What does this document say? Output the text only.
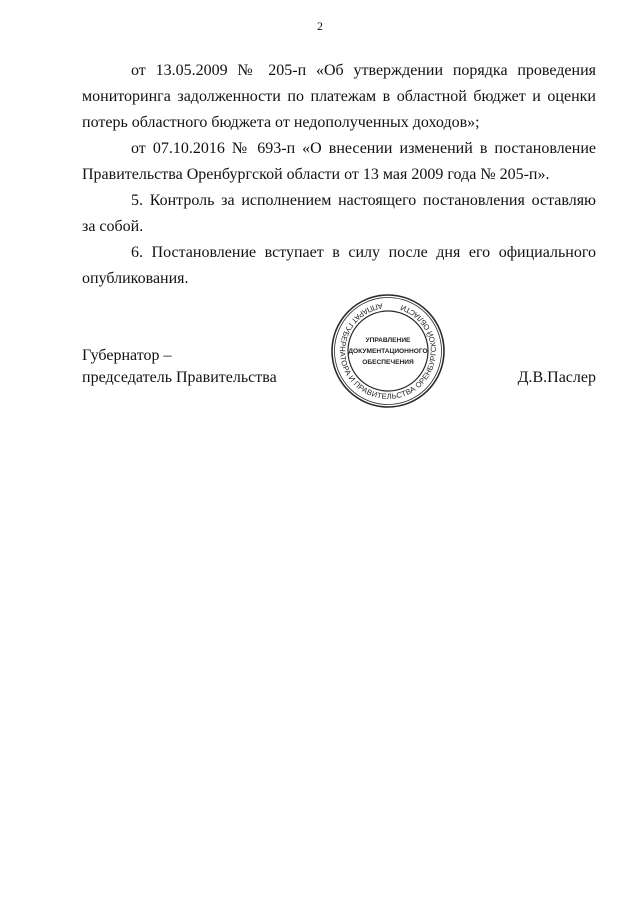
2
от 13.05.2009 № 205-п «Об утверждении порядка проведения мониторинга задолженности по платежам в областной бюджет и оценки потерь областного бюджета от недополученных доходов»;
от 07.10.2016 № 693-п «О внесении изменений в постановление Правительства Оренбургской области от 13 мая 2009 года № 205-п».
5. Контроль за исполнением настоящего постановления оставляю за собой.
6. Постановление вступает в силу после дня его официального опубликования.
Губернатор –
председатель Правительства
АППАРАТ ГУБЕРНАТОРА И ПРАВИТЕЛЬСТВА ОРЕНБУРГСКОЙ ОБЛАСТИ
УПРАВЛЕНИЕ
ДОКУМЕНТАЦИОННОГО
ОБЕСПЕЧЕНИЯ
Д.В.Паслер
